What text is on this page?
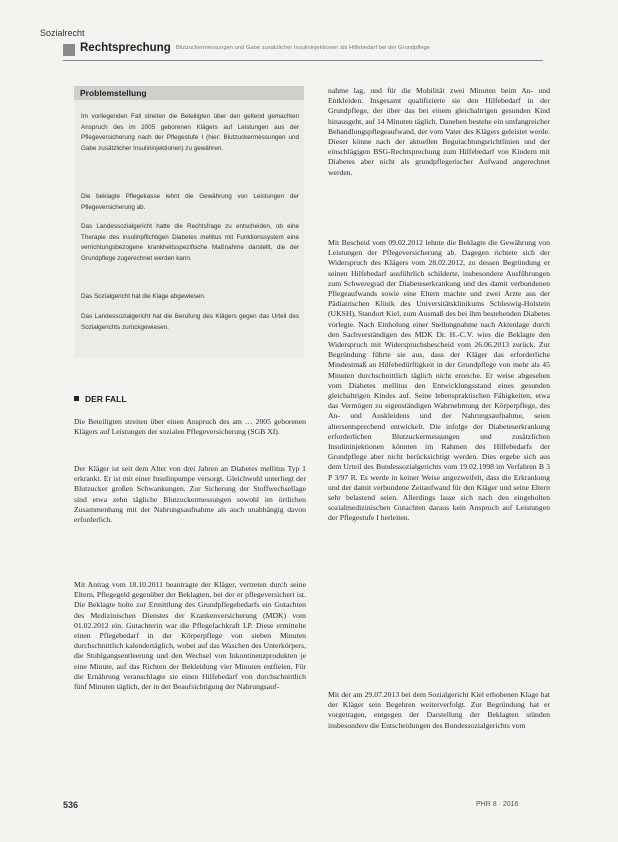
Sozialrecht
Rechtsprechung Blutzuckermessungen und Gabe zusätzlicher Insulininjektionen als Hilfebedarf bei der Grundpflege
Problemstellung

Im vorliegenden Fall streiten die Beteiligten über den geltend gemachten Anspruch des im 2005 geborenen Klägers auf Leistungen aus der Pflegeversicherung nach der Pflegestufe I (hier: Blutzuckermessungen und Gabe zusätzlicher Insulininjektionen) zu gewähren.

Die beklagte Pflegekasse lehnt die Gewährung von Leistungen der Pflegeversicherung ab.

Das Landessozialgericht hatte die Rechtsfrage zu entscheiden, ob eine Therapie des insulinpflichtigen Diabetes mellitus mit Funktionssystem eine verrichtungsbezogene krankheitsspezifische Maßnahme darstellt, die der Grundpflege zugerechnet werden kann.

Das Sozialgericht hat die Klage abgewiesen.

Das Landessozialgericht hat die Berufung des Klägers gegen das Urteil des Sozialgerichts zurückgewiesen.

DER FALL

Die Beteiligten streiten über einen Anspruch des am … 2005 geborenen Klägers auf Leistungen der sozialen Pflegeversicherung (SGB XI).

Der Kläger ist seit dem Alter von drei Jahren an Diabetes mellitus Typ 1 erkrankt. Er ist mit einer Insulinpumpe versorgt. Gleichwohl unterliegt der Blutzucker großen Schwankungen. Zur Sicherung der Stoffwechsellage sind etwa zehn tägliche Blutzuckermessungen sowohl im örtlichen Zusammenhang mit der Nahrungsaufnahme als auch unabhängig davon erforderlich.

Mit Antrag vom 18.10.2011 beantragte der Kläger, vertreten durch seine Eltern, Pflegegeld gegenüber der Beklagten, bei der er pflegeversichert ist. Die Beklagte holte zur Ermittlung des Grundpflegebedarfs ein Gutachten des Medizinischen Dienstes der Krankenversicherung (MDK) vom 01.02.2012 ein. Gutachterin war die Pflegefachkraft I.P. Diese ermittelte einen Pflegebedarf in der Körperpflege von sieben Minuten durchschnittlich kalendertäglich, wobei auf das Waschen des Unterkörpers, die Stuhlgangsentleerung und den Wechsel von Inkontinenzprodukten je eine Minute, auf das Richten der Bekleidung vier Minuten entfielen. Für die Ernährung veranschlagte sie einen Hilfebedarf von durchschnittlich fünf Minuten täglich, der in der Beaufsichtigung der Nahrungsauf-

nahme lag, und für die Mobilität zwei Minuten beim An- und Entkleiden. Insgesamt qualifizierte sie den Hilfebedarf in der Grundpflege, der über das bei einem gleichaltrigen gesunden Kind hinausgeht, auf 14 Minuten täglich. Daneben bestehe ein umfangreicher Behandlungspflegeaufwand, der vom Vater des Klägers geleistet werde. Dieser könne nach der aktuellen Begutachtungsrichtlinien und der einschlägigen BSG-Rechtsprechung zum Hilfebedarf von Kindern mit Diabetes aber nicht als grundpflegerischer Aufwand angerechnet werden.

Mit Bescheid vom 09.02.2012 lehnte die Beklagte die Gewährung von Leistungen der Pflegeversicherung ab. Dagegen richtete sich der Widerspruch des Klägers vom 28.02.2012, zu dessen Begründung er seinen Hilfebedarf ausführlich schilderte, insbesondere Ausführungen zum Schweregrad der Diabeteserkrankung und des damit verbundenen Pflegeaufwands sowie eine Eltern machte und zwei Arzte aus der Pädiatrischen Klinik des Universitätsklinikums Schleswig-Holstein (UKSH), Standort Kiel, zum Ausmaß des bei ihm bestehenden Diabetes vorlegte. Nach Einholung einer Stellungnahme nach Aktenlage durch den Sachverständigen des MDK Dr. H.-C.V. wies die Beklagte den Widerspruch mit Widerspruchsbescheid vom 26.06.2013 zurück. Zur Begründung führte sie aus, dass der Kläger das erforderliche Mindestmaß an Hilfebedürftigkeit in der Grundpflege von mehr als 45 Minuten durchschnittlich täglich nicht erreiche. Er weise abgesehen vom Diabetes mellitus den Entwicklungsstand eines gesunden gleichaltrigen Kindes auf. Seine lebenspraktischen Fähigkeiten, etwa das Vermögen zu eigenständigen Wahrnehmung der Körperpflege, des An- und Auskleidens und der Nahrungsaufnahme, seien altersentsprechend entwickelt. Die infolge der Diabeteserkrankung erforderlichen Blutzuckermessungen und zusätzlichen Insulininjektionen könnten im Rahmen des Hilfebedarfs der Grundpflege aber nicht berücksichtigt werden. Dies ergebe sich aus dem Urteil des Bundessozialgerichts vom 19.02.1998 im Verfahren B 3 P 3/97 R. Es werde in keiner Weise angezweifelt, dass die Erkrankung und der damit verbundene Zeitaufwand für den Kläger und seine Eltern sehr belastend seien. Allerdings lasse sich nach den eingeholten sozialmedizinischen Gutachten daraus kein Anspruch auf Leistungen der Pflegestufe I herleiten.

Mit der am 29.07.2013 bei dem Sozialgericht Kiel erhobenen Klage hat der Kläger sein Begehren weiterverfolgt. Zur Begründung hat er vorgetragen, entgegen der Darstellung der Beklagten stünden insbesondere die Entscheidungen des Bundessozialgerichts vom

536	PHR 8 · 2016
